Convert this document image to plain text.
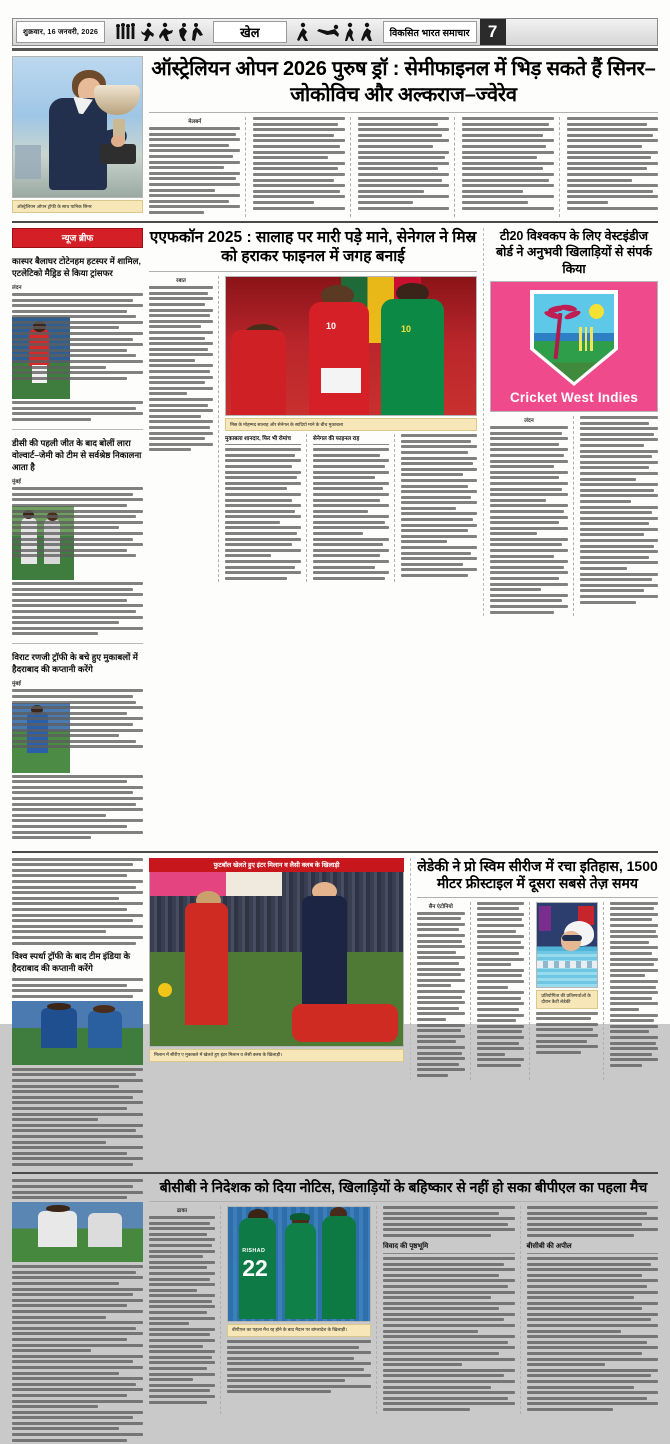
शुक्रवार, 16 जनवरी, 2026	खेल	विकसित भारत समाचार	7
ऑस्ट्रेलियन ओपन ट्रॉफी के साथ यानिक सिनर
ऑस्ट्रेलियन ओपन 2026 पुरुष ड्रॉ : सेमीफाइनल में भिड़ सकते हैं सिनर–जोकोविच और अल्कराज–ज्वेरेव
मेलबर्न
न्यूज ब्रीफ
कास्पर बैलाघर टोटेनहम हटस्पर में शामिल, एटलेटिको मैड्रिड से किया ट्रांसफर
लंदन
डीसी की पहली जीत के बाद बोलीं लारा वोल्वार्ट–जेमी को टीम से सर्वश्रेष्ठ निकालना आता है
मुंबई
विराट रणजी ट्रॉफी के बचे हुए मुकाबलों में हैदराबाद की कप्तानी करेंगे
मुंबई
एएफकॉन 2025 : सालाह पर मारी पड़े माने, सेनेगल ने मिस्र को हराकर फाइनल में जगह बनाई
रबात
10	10
मिस्र के मोहम्मद सालाह और सेनेगल के सादियो माने के बीच मुकाबला
मुकाबला शानदार, फिर भी रोमांच	सेनेगल की फाइनल राह
टी20 विश्वकप के लिए वेस्टइंडीज बोर्ड ने अनुभवी खिलाड़ियों से संपर्क किया
Cricket West Indies
लंदन
विश्व स्पर्धा ट्रॉफी के बाद टीम इंडिया के हैदराबाद की कप्तानी करेंगे
फुटबॉल खेलते हुए इंटर मिलान व लैसी क्लब के खिलाड़ी
मिलान में सीरीए ए मुकाबले में खेलते हुए इंटर मिलान व लैसी क्लब के खिलाड़ी।
लेडेकी ने प्रो स्विम सीरीज में रचा इतिहास, 1500 मीटर फ्रीस्टाइल में दूसरा सबसे तेज़ समय
सैन एंटोनियो
प्रतियोगिता की प्रतिस्पर्धाओं के दौरान कैटी लेडेकी
बीसीबी ने निदेशक को दिया नोटिस, खिलाड़ियों के बहिष्कार से नहीं हो सका बीपीएल का पहला मैच
ढाका
RISHAD
22
बीपीएल का पहला मैच रद्द होने के बाद मैदान पर बांग्लादेश के खिलाड़ी।
विवाद की पृष्ठभूमि	बीसीबी की अपील
